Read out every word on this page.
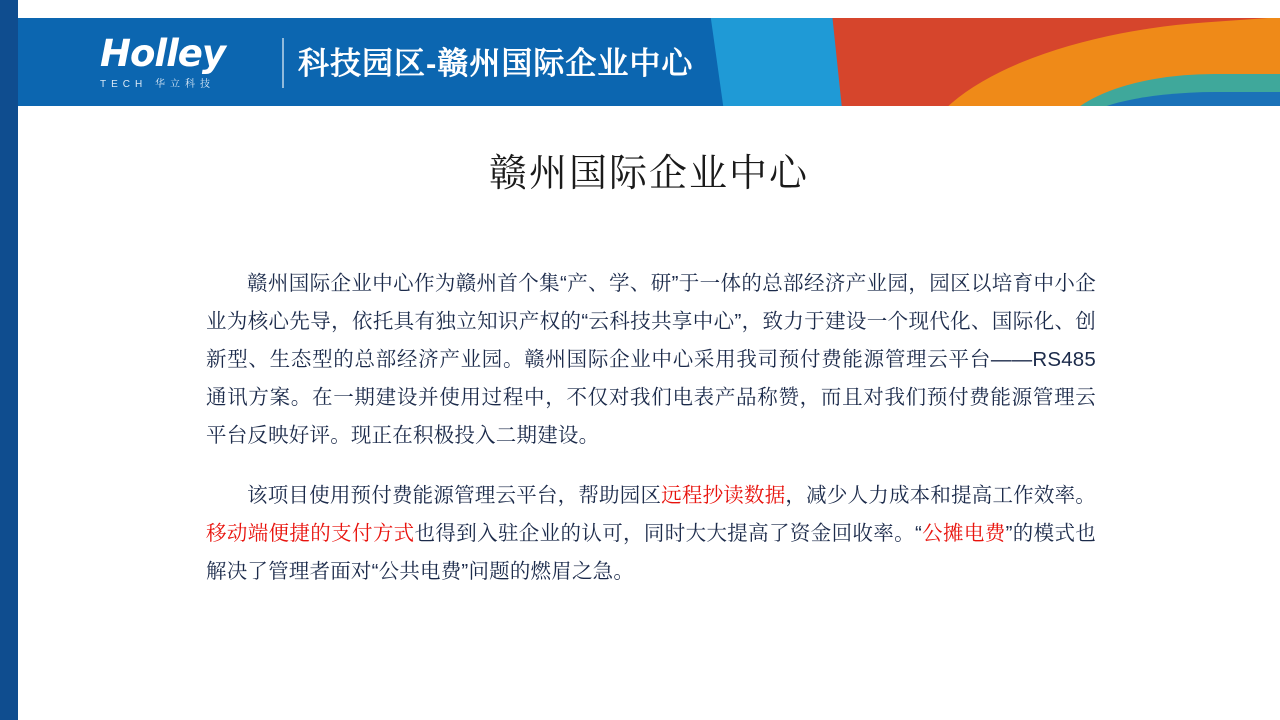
Holley
TECH 华立科技
科技园区-赣州国际企业中心
赣州国际企业中心

赣州国际企业中心作为赣州首个集“产、学、研”于一体的总部经济产业园，园区以培育中小企业为核心先导，依托具有独立知识产权的“云科技共享中心”，致力于建设一个现代化、国际化、创新型、生态型的总部经济产业园。赣州国际企业中心采用我司预付费能源管理云平台——RS485通讯方案。在一期建设并使用过程中，不仅对我们电表产品称赞，而且对我们预付费能源管理云平台反映好评。现正在积极投入二期建设。

该项目使用预付费能源管理云平台，帮助园区远程抄读数据，减少人力成本和提高工作效率。移动端便捷的支付方式也得到入驻企业的认可，同时大大提高了资金回收率。“公摊电费”的模式也解决了管理者面对“公共电费”问题的燃眉之急。
